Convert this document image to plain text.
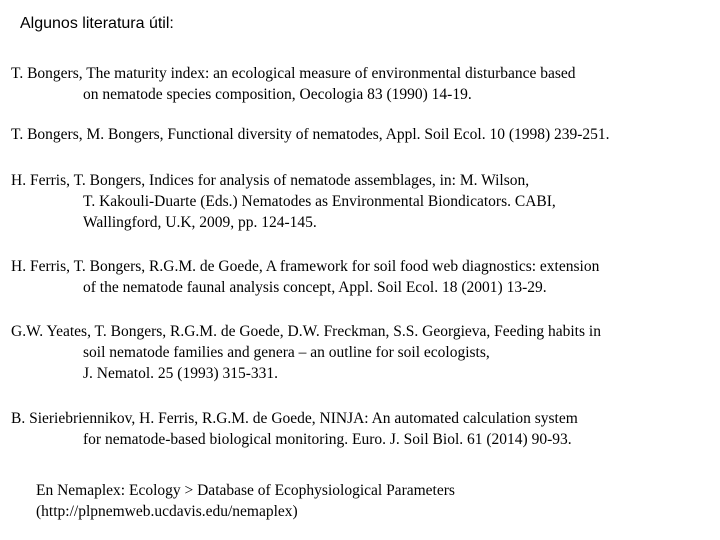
Algunos literatura útil:
T. Bongers, The maturity index: an ecological measure of environmental disturbance based
on nematode species composition, Oecologia 83 (1990) 14-19.
T. Bongers, M. Bongers, Functional diversity of nematodes, Appl. Soil Ecol. 10 (1998) 239-251.
H. Ferris, T. Bongers, Indices for analysis of nematode assemblages, in: M. Wilson,
T. Kakouli-Duarte (Eds.) Nematodes as Environmental Biondicators. CABI,
Wallingford, U.K, 2009, pp. 124-145.
H. Ferris, T. Bongers, R.G.M. de Goede, A framework for soil food web diagnostics: extension
of the nematode faunal analysis concept, Appl. Soil Ecol. 18 (2001) 13-29.
G.W. Yeates, T. Bongers, R.G.M. de Goede, D.W. Freckman, S.S. Georgieva, Feeding habits in
soil nematode families and genera – an outline for soil ecologists,
J. Nematol. 25 (1993) 315-331.
B. Sieriebriennikov, H. Ferris, R.G.M. de Goede, NINJA: An automated calculation system
for nematode-based biological monitoring. Euro. J. Soil Biol. 61 (2014) 90-93.
En Nemaplex: Ecology > Database of Ecophysiological Parameters
(http://plpnemweb.ucdavis.edu/nemaplex)
